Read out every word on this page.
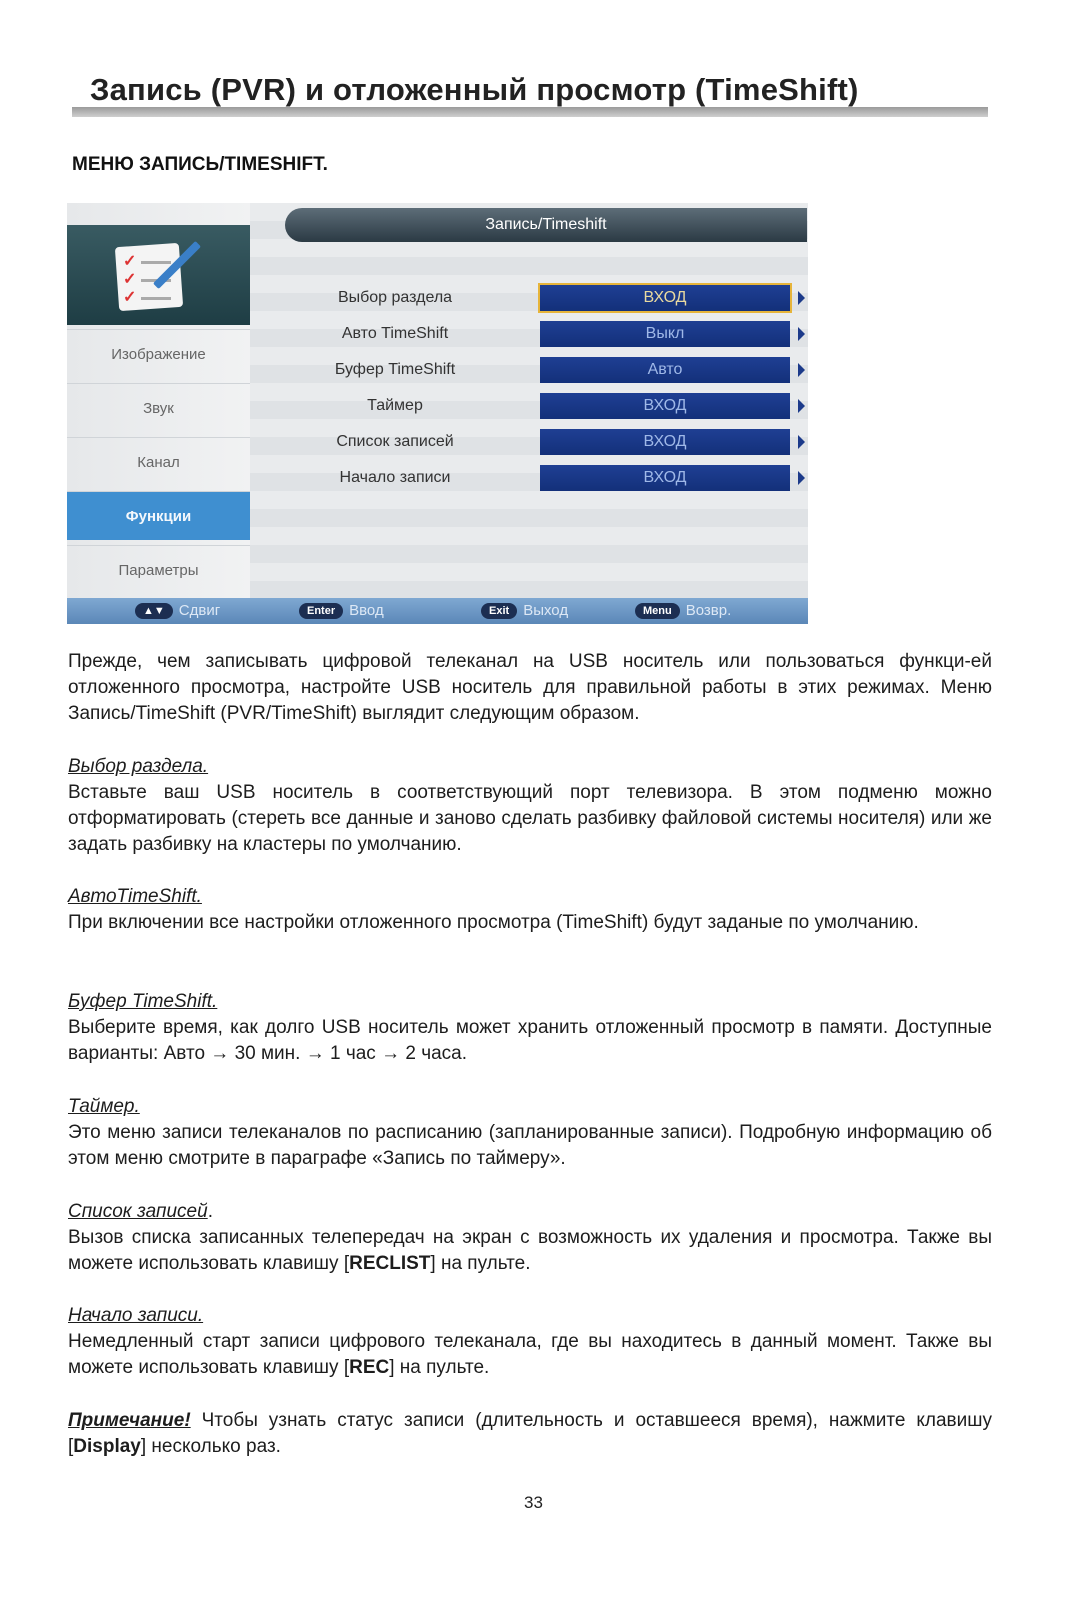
Запись (PVR) и отложенный просмотр (TimeShift)
МЕНЮ ЗАПИСЬ/TIMESHIFT.
✓
✓
✓
Изображение
Звук
Канал
Функции
Параметры
Запись/Timeshift
Выбор раздела	ВХОД
Авто TimeShift	Выкл
Буфер TimeShift	Авто
Таймер	ВХОД
Список записей	ВХОД
Начало записи	ВХОД
▲▼ Сдвиг	Enter Ввод	Exit Выход	Menu Возвр.
Прежде, чем записывать цифровой телеканал на USB носитель или пользоваться функци-ей отложенного просмотра, настройте USB носитель для правильной работы в этих режимах. Меню Запись/TimeShift (PVR/TimeShift) выглядит следующим образом.
Выбор раздела.
Вставьте ваш USB носитель в соответствующий порт телевизора. В этом подменю можно отформатировать (стереть все данные и заново сделать разбивку файловой системы носителя) или же задать разбивку на кластеры по умолчанию.
АвтоTimeShift.
При включении все настройки отложенного просмотра (TimeShift) будут заданые по умолчанию.
Буфер TimeShift.
Выберите время, как долго USB носитель может хранить отложенный просмотр в памяти. Доступные варианты: Авто → 30 мин. → 1 час → 2 часа.
Таймер.
Это меню записи телеканалов по расписанию (запланированные записи). Подробную информацию об этом меню смотрите в параграфе «Запись по таймеру».
Список записей.
Вызов списка записанных телепередач на экран с возможность их удаления и просмотра. Также вы можете использовать клавишу [RECLIST] на пульте.
Начало записи.
Немедленный старт записи цифрового телеканала, где вы находитесь в данный момент. Также вы можете использовать клавишу [REC] на пульте.
Примечание! Чтобы узнать статус записи (длительность и оставшееся время), нажмите клавишу [Display] несколько раз.
33
